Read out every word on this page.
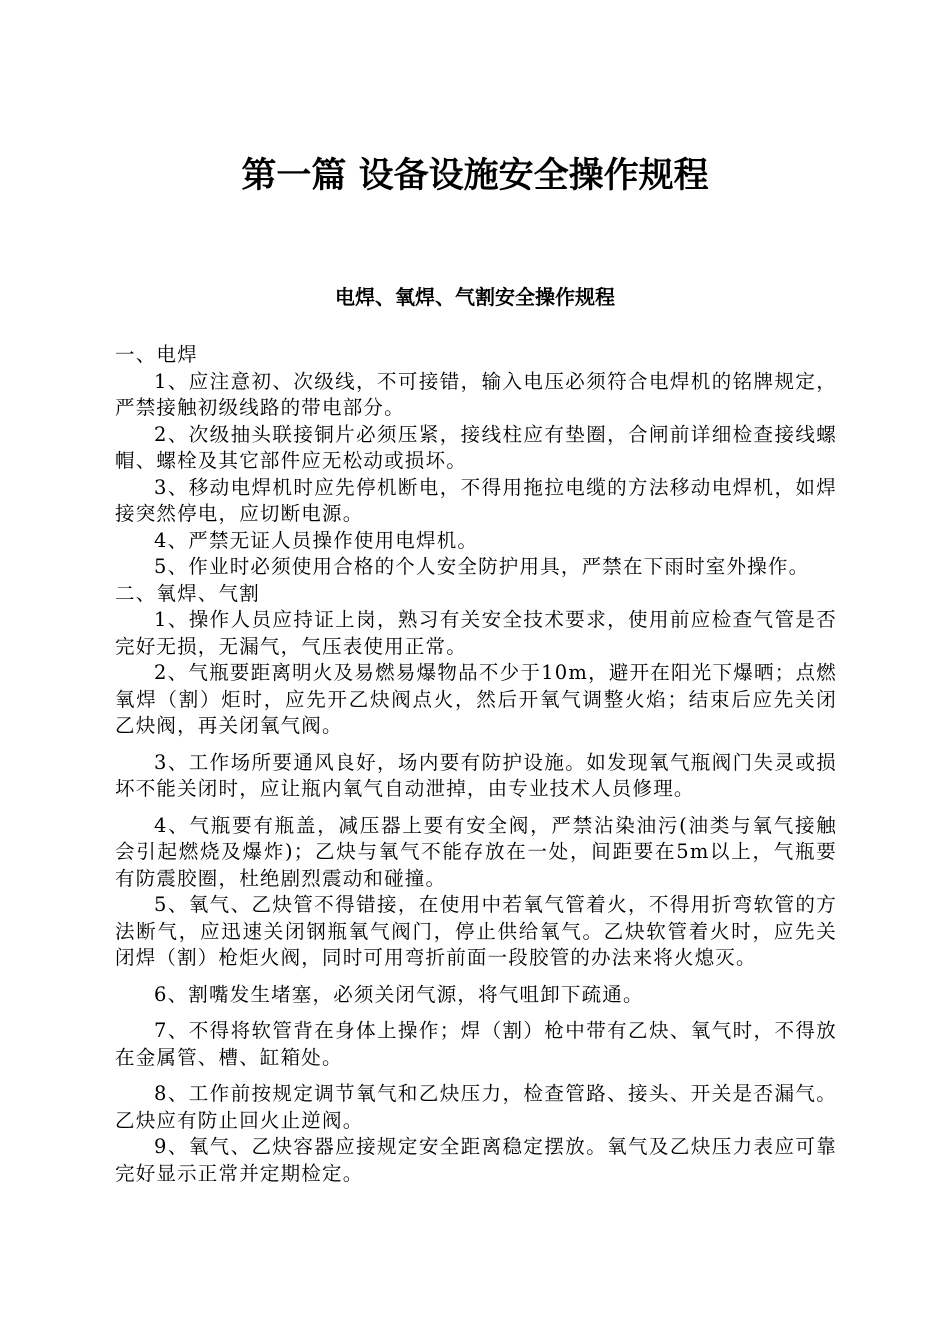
第一篇 设备设施安全操作规程
电焊、氧焊、气割安全操作规程

一、电焊

1、应注意初、次级线，不可接错，输入电压必须符合电焊机的铭牌规定，严禁接触初级线路的带电部分。

2、次级抽头联接铜片必须压紧，接线柱应有垫圈，合闸前详细检查接线螺帽、螺栓及其它部件应无松动或损坏。

3、移动电焊机时应先停机断电，不得用拖拉电缆的方法移动电焊机，如焊接突然停电，应切断电源。

4、严禁无证人员操作使用电焊机。

5、作业时必须使用合格的个人安全防护用具，严禁在下雨时室外操作。

二、氧焊、气割

1、操作人员应持证上岗，熟习有关安全技术要求，使用前应检查气管是否完好无损，无漏气，气压表使用正常。

2、气瓶要距离明火及易燃易爆物品不少于10m，避开在阳光下爆晒；点燃氧焊（割）炬时，应先开乙炔阀点火，然后开氧气调整火焰；结束后应先关闭乙炔阀，再关闭氧气阀。

3、工作场所要通风良好，场内要有防护设施。如发现氧气瓶阀门失灵或损坏不能关闭时，应让瓶内氧气自动泄掉，由专业技术人员修理。

4、气瓶要有瓶盖，减压器上要有安全阀，严禁沾染油污(油类与氧气接触会引起燃烧及爆炸)；乙炔与氧气不能存放在一处，间距要在5m以上，气瓶要有防震胶圈，杜绝剧烈震动和碰撞。

5、氧气、乙炔管不得错接，在使用中若氧气管着火，不得用折弯软管的方法断气，应迅速关闭钢瓶氧气阀门，停止供给氧气。乙炔软管着火时，应先关闭焊（割）枪炬火阀，同时可用弯折前面一段胶管的办法来将火熄灭。

6、割嘴发生堵塞，必须关闭气源，将气咀卸下疏通。

7、不得将软管背在身体上操作；焊（割）枪中带有乙炔、氧气时，不得放在金属管、槽、缸箱处。

8、工作前按规定调节氧气和乙炔压力，检查管路、接头、开关是否漏气。乙炔应有防止回火止逆阀。

9、氧气、乙炔容器应接规定安全距离稳定摆放。氧气及乙炔压力表应可靠完好显示正常并定期检定。
